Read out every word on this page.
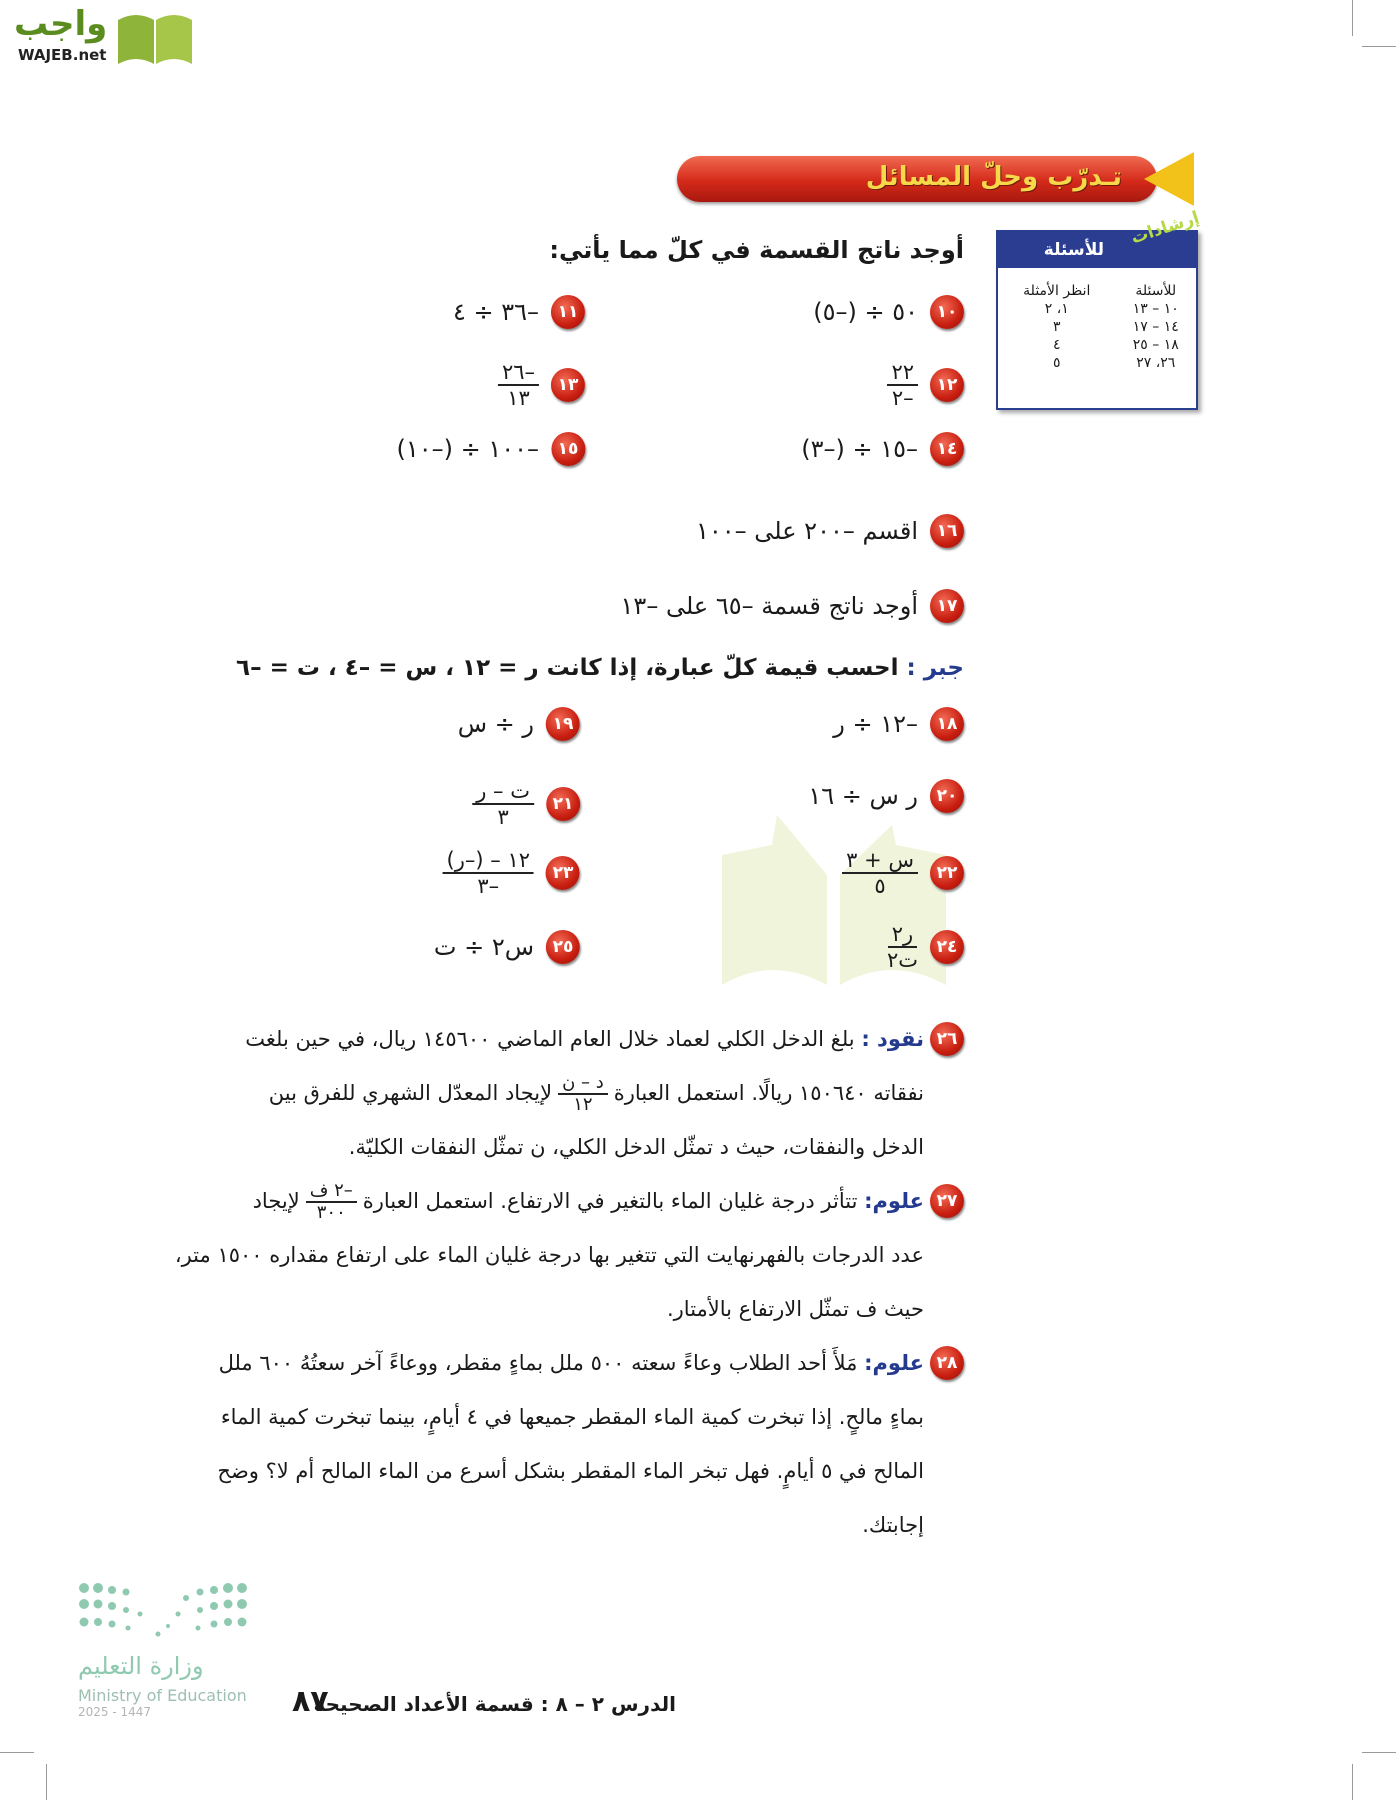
واجب
WAJEB.net
تـدرّب وحلّ المسائل
إرشادات
للأسئلة
للأسئلة	انظر الأمثلة
١٠ – ١٣	١، ٢
١٤ – ١٧	٣
١٨ – ٢٥	٤
٢٦، ٢٧	٥
أوجد ناتج القسمة في كلّ مما يأتي:
١٠
٥٠ ÷ (–٥)
١١
–٣٦ ÷ ٤
١٢
$\frac{٢٢}{-٢}$
١٣
$\frac{-٢٦}{١٣}$
١٤
–١٥ ÷ (–٣)
١٥
–١٠٠ ÷ (–١٠)
١٦
اقسم –٢٠٠ على –١٠٠
١٧
أوجد ناتج قسمة –٦٥ على –١٣
جبر : احسب قيمة كلّ عبارة، إذا كانت ر = ١٢ ، س = –٤ ، ت = –٦
١٨
–١٢ ÷ ر
١٩
ر ÷ س
٢٠
ر س ÷ ١٦
٢١
$\frac{\text{ت – ر}}{٣}$
٢٢
$\frac{\text{س + ٣}}{٥}$
٢٣
$\frac{\text{١٢ – (–ر)}}{-٣}$
٢٤
$\frac{\text{ر٢}}{\text{ت٢}}$
٢٥
س٢ ÷ ت
٢٦
نقود : بلغ الدخل الكلي لعماد خلال العام الماضي ١٤٥٦٠٠ ريال، في حين بلغت
نفقاته ١٥٠٦٤٠ ريالًا. استعمل العبارة
$\frac{\text{د – ن}}{١٢}$
لإيجاد المعدّل الشهري للفرق بين
الدخل والنفقات، حيث د تمثّل الدخل الكلي، ن تمثّل النفقات الكليّة.
٢٧
علوم: تتأثر درجة غليان الماء بالتغير في الارتفاع. استعمل العبارة
$\frac{\text{–٢ ف}}{٣٠٠}$
لإيجاد
عدد الدرجات بالفهرنهايت التي تتغير بها درجة غليان الماء على ارتفاع مقداره ١٥٠٠ متر،
حيث ف تمثّل الارتفاع بالأمتار.
٢٨
علوم: مَلأَ أحد الطلاب وعاءً سعته ٥٠٠ ملل بماءٍ مقطر، ووعاءً آخر سعتُهُ ٦٠٠ ملل
بماءٍ مالحٍ. إذا تبخرت كمية الماء المقطر جميعها في ٤ أيامٍ، بينما تبخرت كمية الماء
المالح في ٥ أيامٍ. فهل تبخر الماء المقطر بشكل أسرع من الماء المالح أم لا؟ وضح
إجابتك.
وزارة التعليم
Ministry of Education
2025 - 1447	٨٧
الدرس ٢ – ٨ : قسمة الأعداد الصحيحة
